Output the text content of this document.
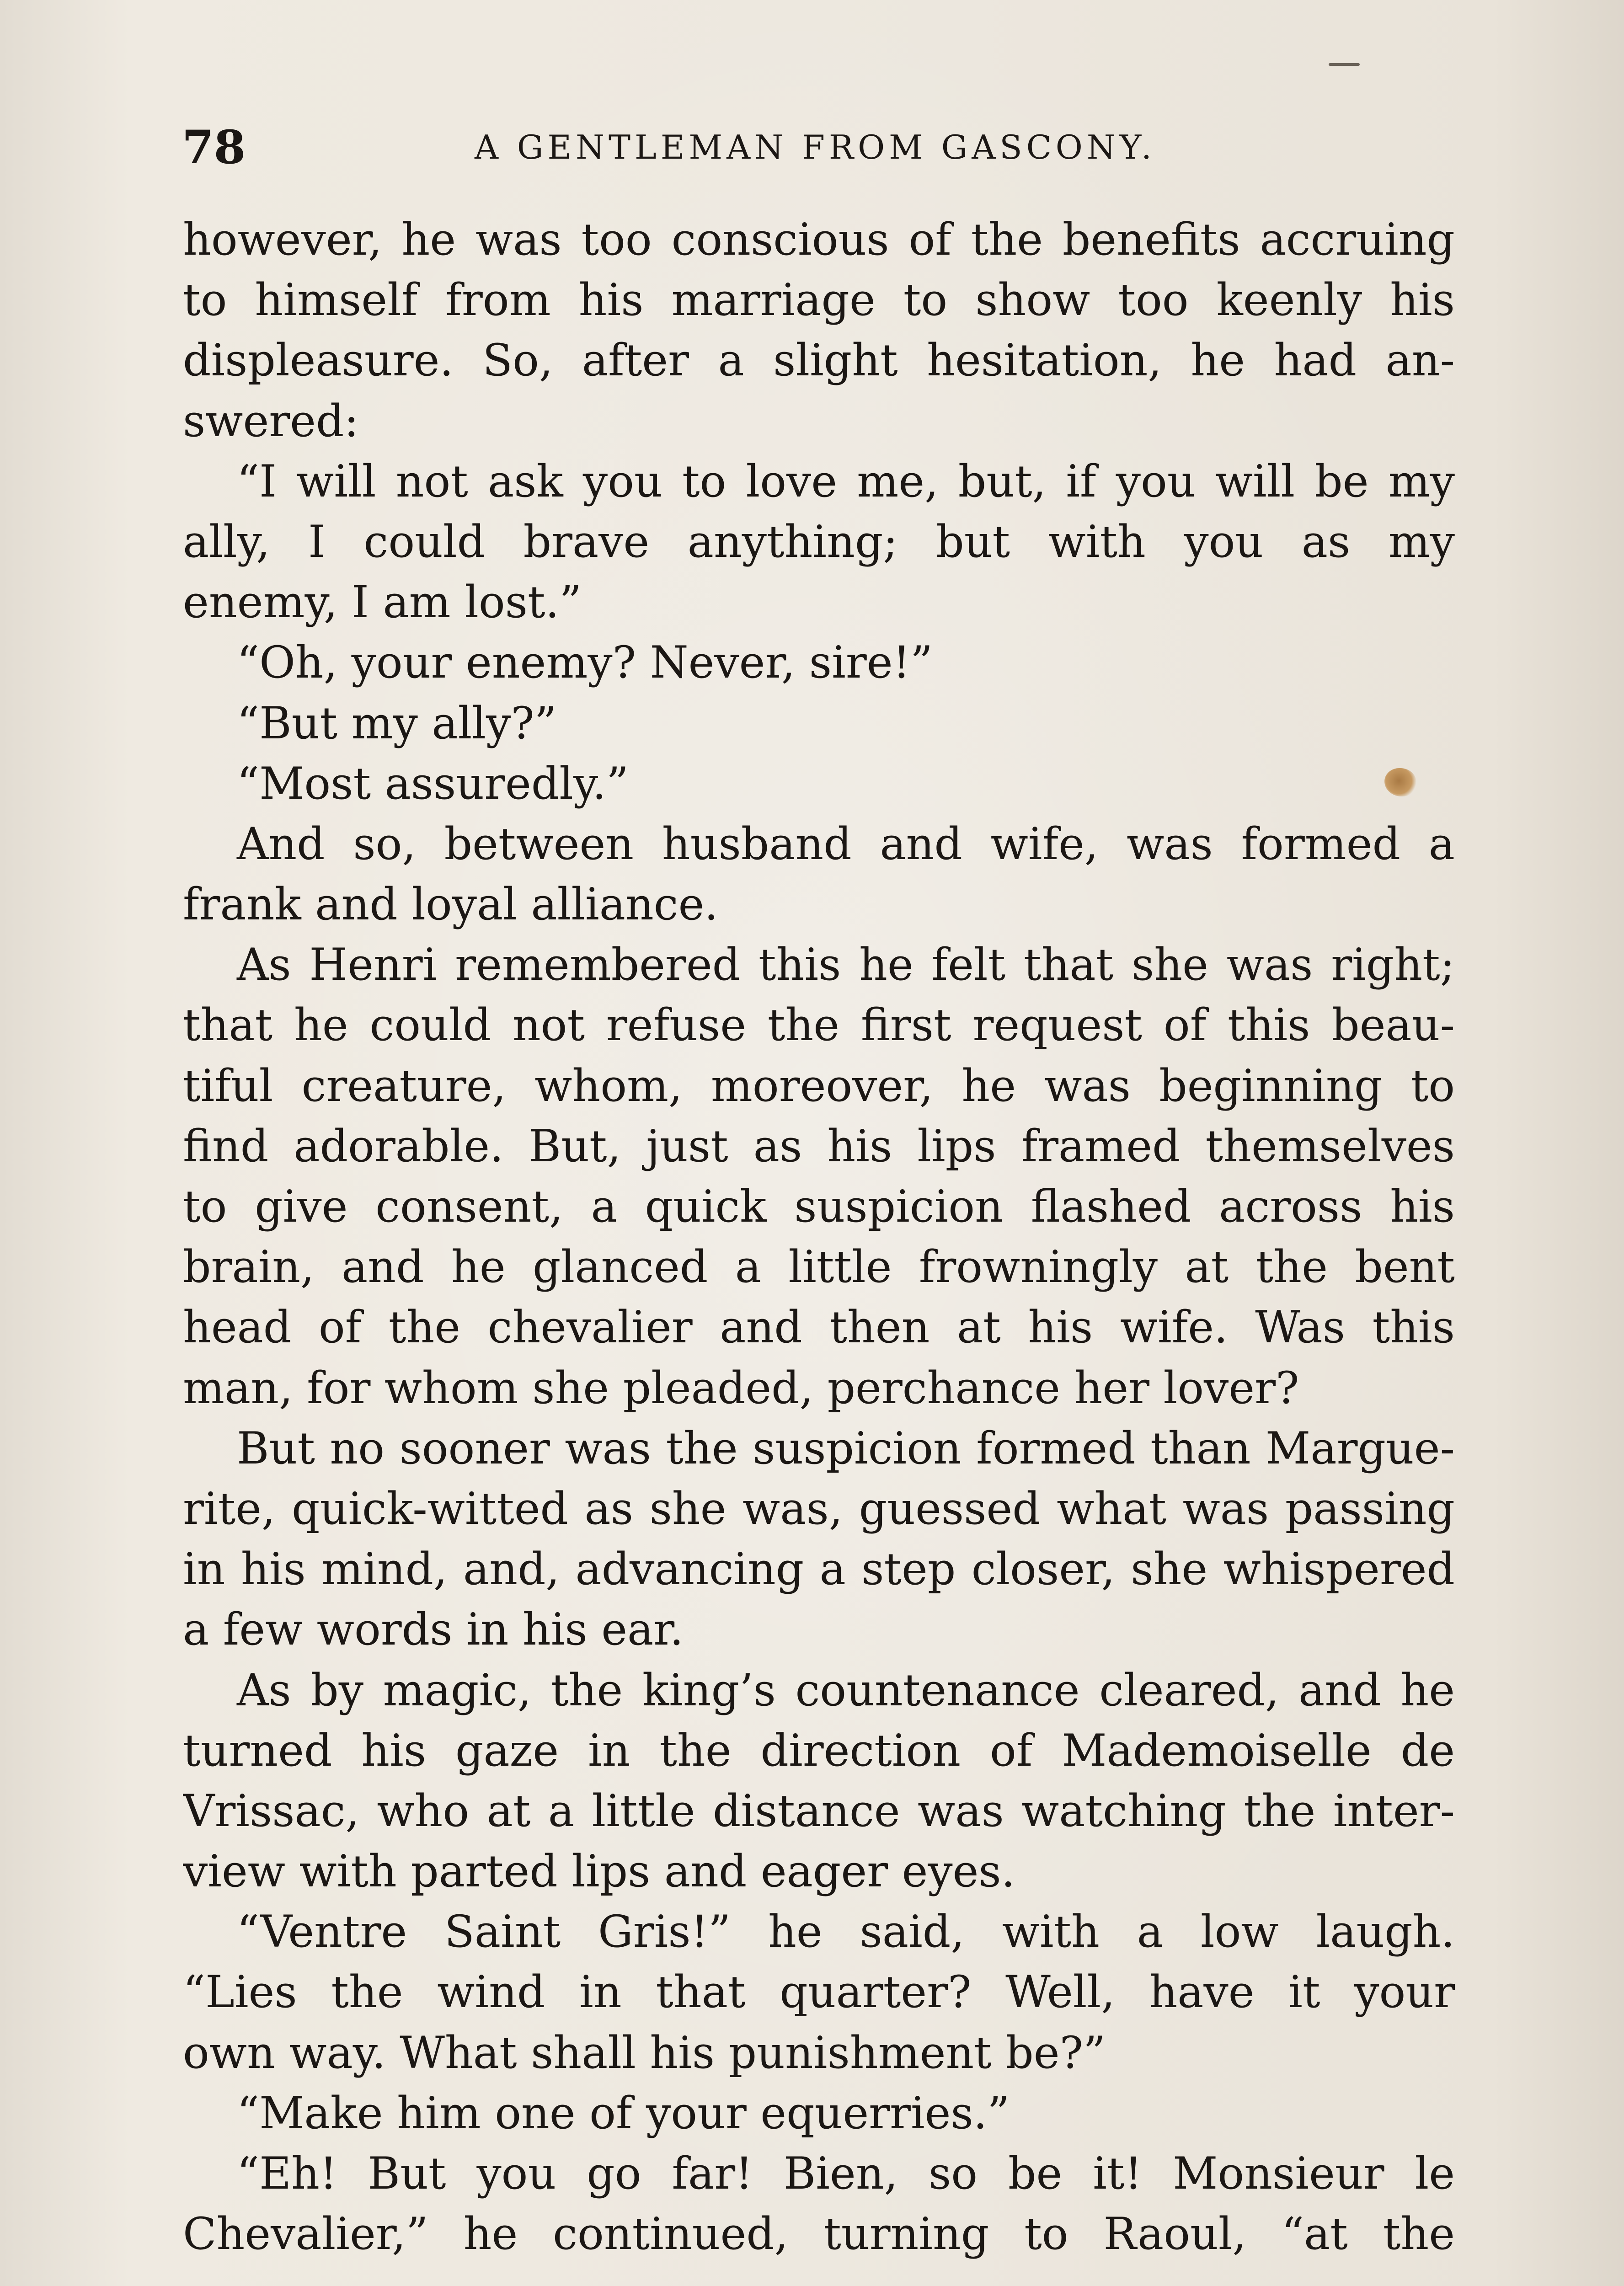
78	A GENTLEMAN FROM GASCONY.
however, he was too conscious of the benefits accruing
to himself from his marriage to show too keenly his
displeasure. So, after a slight hesitation, he had an-
swered:
“I will not ask you to love me, but, if you will be my
ally, I could brave anything; but with you as my
enemy, I am lost.”
“Oh, your enemy? Never, sire!”
“But my ally?”
“Most assuredly.”
And so, between husband and wife, was formed a
frank and loyal alliance.
As Henri remembered this he felt that she was right;
that he could not refuse the first request of this beau-
tiful creature, whom, moreover, he was beginning to
find adorable. But, just as his lips framed themselves
to give consent, a quick suspicion flashed across his
brain, and he glanced a little frowningly at the bent
head of the chevalier and then at his wife. Was this
man, for whom she pleaded, perchance her lover?
But no sooner was the suspicion formed than Margue-
rite, quick-witted as she was, guessed what was passing
in his mind, and, advancing a step closer, she whispered
a few words in his ear.
As by magic, the king’s countenance cleared, and he
turned his gaze in the direction of Mademoiselle de
Vrissac, who at a little distance was watching the inter-
view with parted lips and eager eyes.
“Ventre Saint Gris!” he said, with a low laugh.
“Lies the wind in that quarter? Well, have it your
own way. What shall his punishment be?”
“Make him one of your equerries.”
“Eh! But you go far! Bien, so be it! Monsieur le
Chevalier,” he continued, turning to Raoul, “at the
